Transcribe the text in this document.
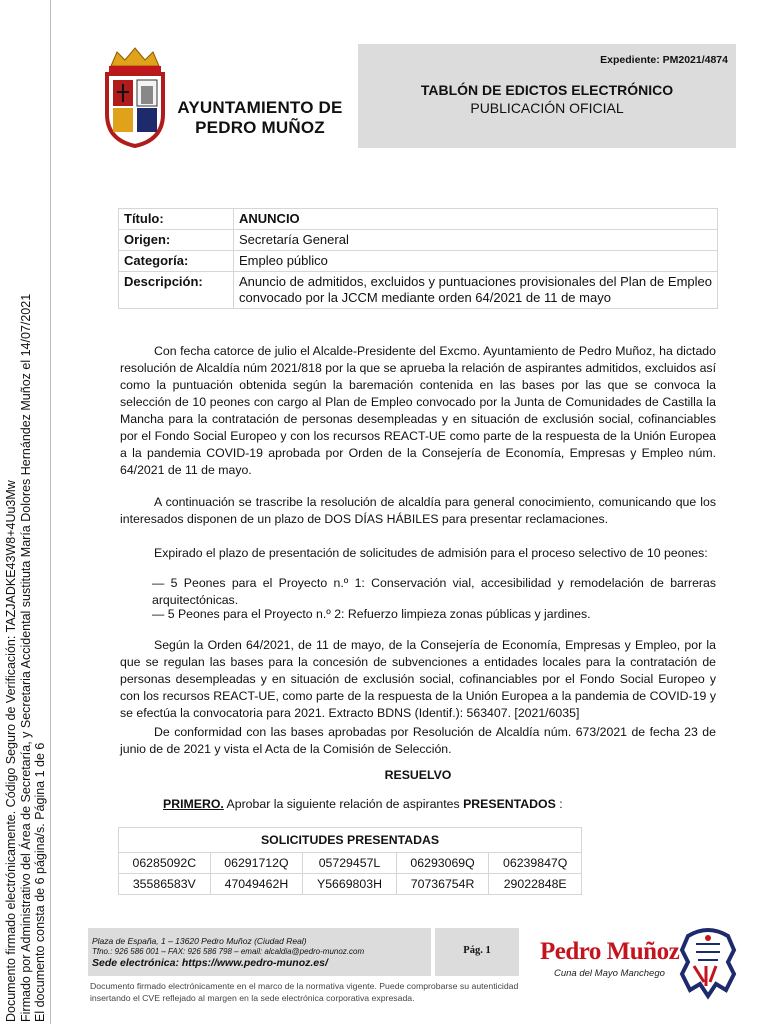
Documento firmado electrónicamente. Código Seguro de Verificación: TAZJADKE43W8+4Uu3Mw Firmado por Administrativo del Área de Secretaría, y Secretaria Accidental sustituta María Dolores Hernández Muñoz el 14/07/2021 El documento consta de 6 página/s. Página 1 de 6
AYUNTAMIENTO DE
PEDRO MUÑOZ
Expediente: PM2021/4874
TABLÓN DE EDICTOS ELECTRÓNICO
PUBLICACIÓN OFICIAL
Título:	ANUNCIO
Origen:	Secretaría General
Categoría:	Empleo público
Descripción:	Anuncio de admitidos, excluidos y puntuaciones provisionales del Plan de Empleo convocado por la JCCM mediante orden 64/2021 de 11 de mayo
Con fecha catorce de julio el Alcalde-Presidente del Excmo. Ayuntamiento de Pedro Muñoz, ha dictado resolución de Alcaldía núm 2021/818 por la que se aprueba la relación de aspirantes admitidos, excluidos así como la puntuación obtenida según la baremación contenida en las bases por las que se convoca la selección de 10 peones con cargo al Plan de Empleo convocado por la Junta de Comunidades de Castilla la Mancha para la contratación de personas desempleadas y en situación de exclusión social, cofinanciables por el Fondo Social Europeo y con los recursos REACT-UE como parte de la respuesta de la Unión Europea a la pandemia COVID-19 aprobada por Orden de la Consejería de Economía, Empresas y Empleo núm. 64/2021 de 11 de mayo.
A continuación se trascribe la resolución de alcaldía para general conocimiento, comunicando que los interesados disponen de un plazo de DOS DÍAS HÁBILES para presentar reclamaciones.
Expirado el plazo de presentación de solicitudes de admisión para el proceso selectivo de 10 peones:
— 5 Peones para el Proyecto n.º 1: Conservación vial, accesibilidad y remodelación de barreras arquitectónicas.
— 5 Peones para el Proyecto n.º 2: Refuerzo limpieza zonas públicas y jardines.
Según la Orden 64/2021, de 11 de mayo, de la Consejería de Economía, Empresas y Empleo, por la que se regulan las bases para la concesión de subvenciones a entidades locales para la contratación de personas desempleadas y en situación de exclusión social, cofinanciables por el Fondo Social Europeo y con los recursos REACT-UE, como parte de la respuesta de la Unión Europea a la pandemia de COVID-19 y se efectúa la convocatoria para 2021. Extracto BDNS (Identif.): 563407. [2021/6035]
De conformidad con las bases aprobadas por Resolución de Alcaldía núm. 673/2021 de fecha 23 de junio de de 2021 y vista el Acta de la Comisión de Selección.
RESUELVO
PRIMERO. Aprobar la siguiente relación de aspirantes PRESENTADOS :
SOLICITUDES PRESENTADAS				
06285092C	06291712Q	05729457L	06293069Q	06239847Q
35586583V	47049462H	Y5669803H	70736754R	29022848E
Plaza de España, 1 – 13620 Pedro Muñoz (Ciudad Real)
Tfno.: 926 586 001 – FAX: 926 586 798 – email: alcaldia@pedro-munoz.com
Sede electrónica: https://www.pedro-munoz.es/
Pág. 1
Documento firmado electrónicamente en el marco de la normativa vigente. Puede comprobarse su autenticidad insertando el CVE reflejado al margen en la sede electrónica corporativa expresada.
Pedro Muñoz
Cuna del Mayo Manchego
